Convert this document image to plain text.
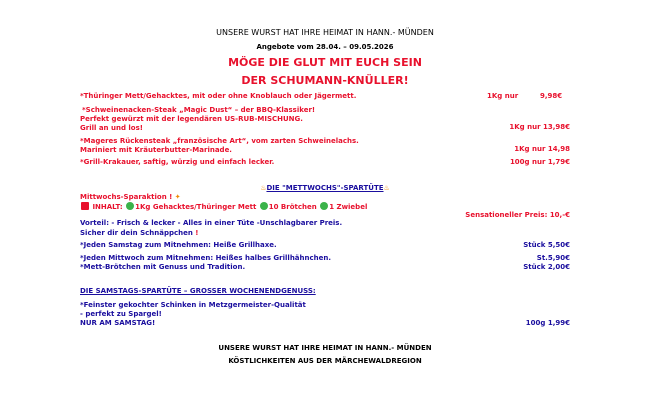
UNSERE WURST HAT IHRE HEIMAT IN HANN.- MÜNDEN
Angebote vom 28.04. – 09.05.2026
MÖGE DIE GLUT MIT EUCH SEIN
DER SCHUMANN-KNÜLLER!
*Thüringer Mett/Gehacktes, mit oder ohne Knoblauch oder Jägermett.	1Kg nur	9,98€
*Schweinenacken-Steak „Magic Dust“ – der BBQ-Klassiker!
Perfekt gewürzt mit der legendären US-RUB-MISCHUNG.
Grill an und los!	1Kg nur 13,98€
*Mageres Rückensteak „französische Art“, vom zarten Schweinelachs.
Mariniert mit Kräuterbutter-Marinade.	1Kg nur 14,98
*Grill-Krakauer, saftig, würzig und einfach lecker.	100g nur 1,79€
♨DIE "METTWOCHS"-SPARTÜTE♨
Mittwochs-Sparaktion ! ✦
INHALT: 1Kg Gehacktes/Thüringer Mett 10 Brötchen 1 Zwiebel
Sensationeller Preis: 10,-€
Vorteil: - Frisch & lecker - Alles in einer Tüte -Unschlagbarer Preis.
Sicher dir dein Schnäppchen !
*Jeden Samstag zum Mitnehmen: Heiße Grillhaxe.	Stück 5,50€
*Jeden Mittwoch zum Mitnehmen: Heißes halbes Grillhähnchen.	St.5,90€
*Mett-Brötchen mit Genuss und Tradition.	Stück 2,00€
DIE SAMSTAGS-SPARTÜTE – GROSSER WOCHENENDGENUSS:
*Feinster gekochter Schinken in Metzgermeister-Qualität
- perfekt zu Spargel!
NUR AM SAMSTAG!	100g 1,99€
UNSERE WURST HAT IHRE HEIMAT IN HANN.- MÜNDEN
KÖSTLICHKEITEN AUS DER MÄRCHEWALDREGION
